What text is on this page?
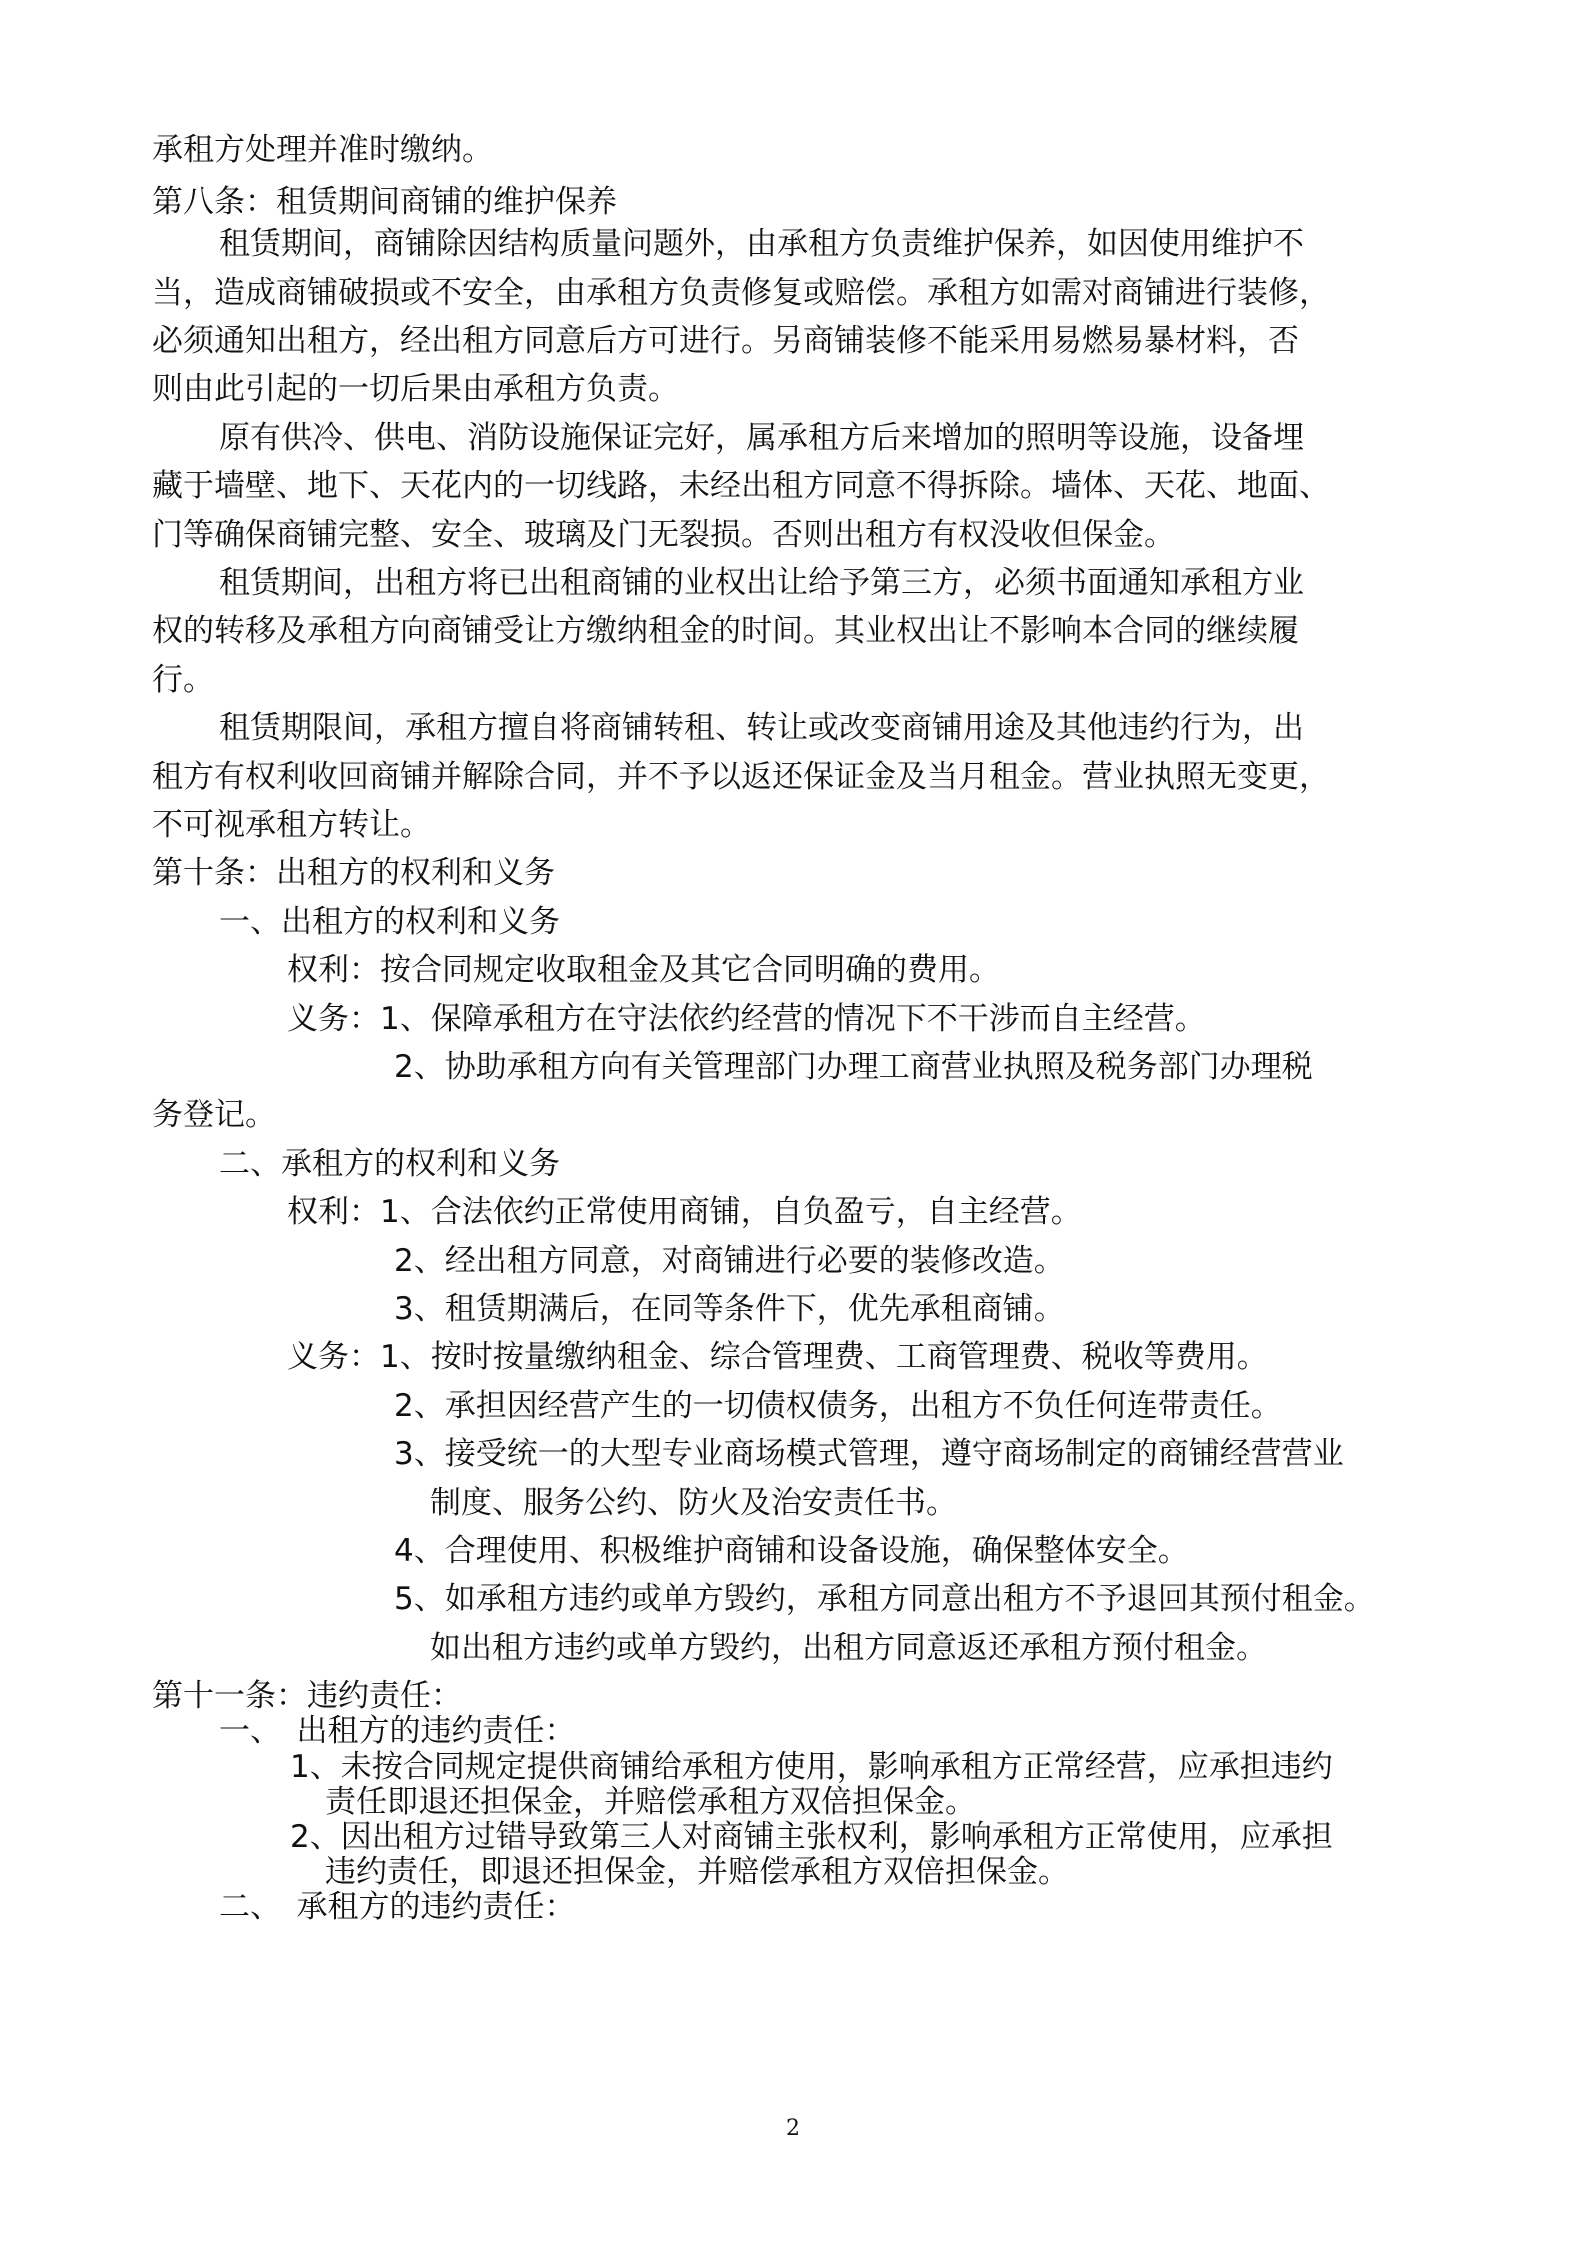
承租方处理并准时缴纳。
第八条：租赁期间商铺的维护保养
租赁期间，商铺除因结构质量问题外，由承租方负责维护保养，如因使用维护不
当，造成商铺破损或不安全，由承租方负责修复或赔偿。承租方如需对商铺进行装修，
必须通知出租方，经出租方同意后方可进行。另商铺装修不能采用易燃易暴材料，否
则由此引起的一切后果由承租方负责。
原有供冷、供电、消防设施保证完好，属承租方后来增加的照明等设施，设备埋
藏于墙壁、地下、天花内的一切线路，未经出租方同意不得拆除。墙体、天花、地面、
门等确保商铺完整、安全、玻璃及门无裂损。否则出租方有权没收但保金。
租赁期间，出租方将已出租商铺的业权出让给予第三方，必须书面通知承租方业
权的转移及承租方向商铺受让方缴纳租金的时间。其业权出让不影响本合同的继续履
行。
租赁期限间，承租方擅自将商铺转租、转让或改变商铺用途及其他违约行为，出
租方有权利收回商铺并解除合同，并不予以返还保证金及当月租金。营业执照无变更，
不可视承租方转让。
第十条：出租方的权利和义务
一、出租方的权利和义务
权利：按合同规定收取租金及其它合同明确的费用。
义务：1、保障承租方在守法依约经营的情况下不干涉而自主经营。
2、协助承租方向有关管理部门办理工商营业执照及税务部门办理税
务登记。
二、承租方的权利和义务
权利：1、合法依约正常使用商铺，自负盈亏，自主经营。
2、经出租方同意，对商铺进行必要的装修改造。
3、租赁期满后，在同等条件下，优先承租商铺。
义务：1、按时按量缴纳租金、综合管理费、工商管理费、税收等费用。
2、承担因经营产生的一切债权债务，出租方不负任何连带责任。
3、接受统一的大型专业商场模式管理，遵守商场制定的商铺经营营业
制度、服务公约、防火及治安责任书。
4、合理使用、积极维护商铺和设备设施，确保整体安全。
5、如承租方违约或单方毁约，承租方同意出租方不予退回其预付租金。
如出租方违约或单方毁约，出租方同意返还承租方预付租金。
第十一条：违约责任：
一、　出租方的违约责任：
1、未按合同规定提供商铺给承租方使用，影响承租方正常经营，应承担违约
责任即退还担保金，并赔偿承租方双倍担保金。
2、因出租方过错导致第三人对商铺主张权利，影响承租方正常使用，应承担
违约责任，即退还担保金，并赔偿承租方双倍担保金。
二、　承租方的违约责任：
2
